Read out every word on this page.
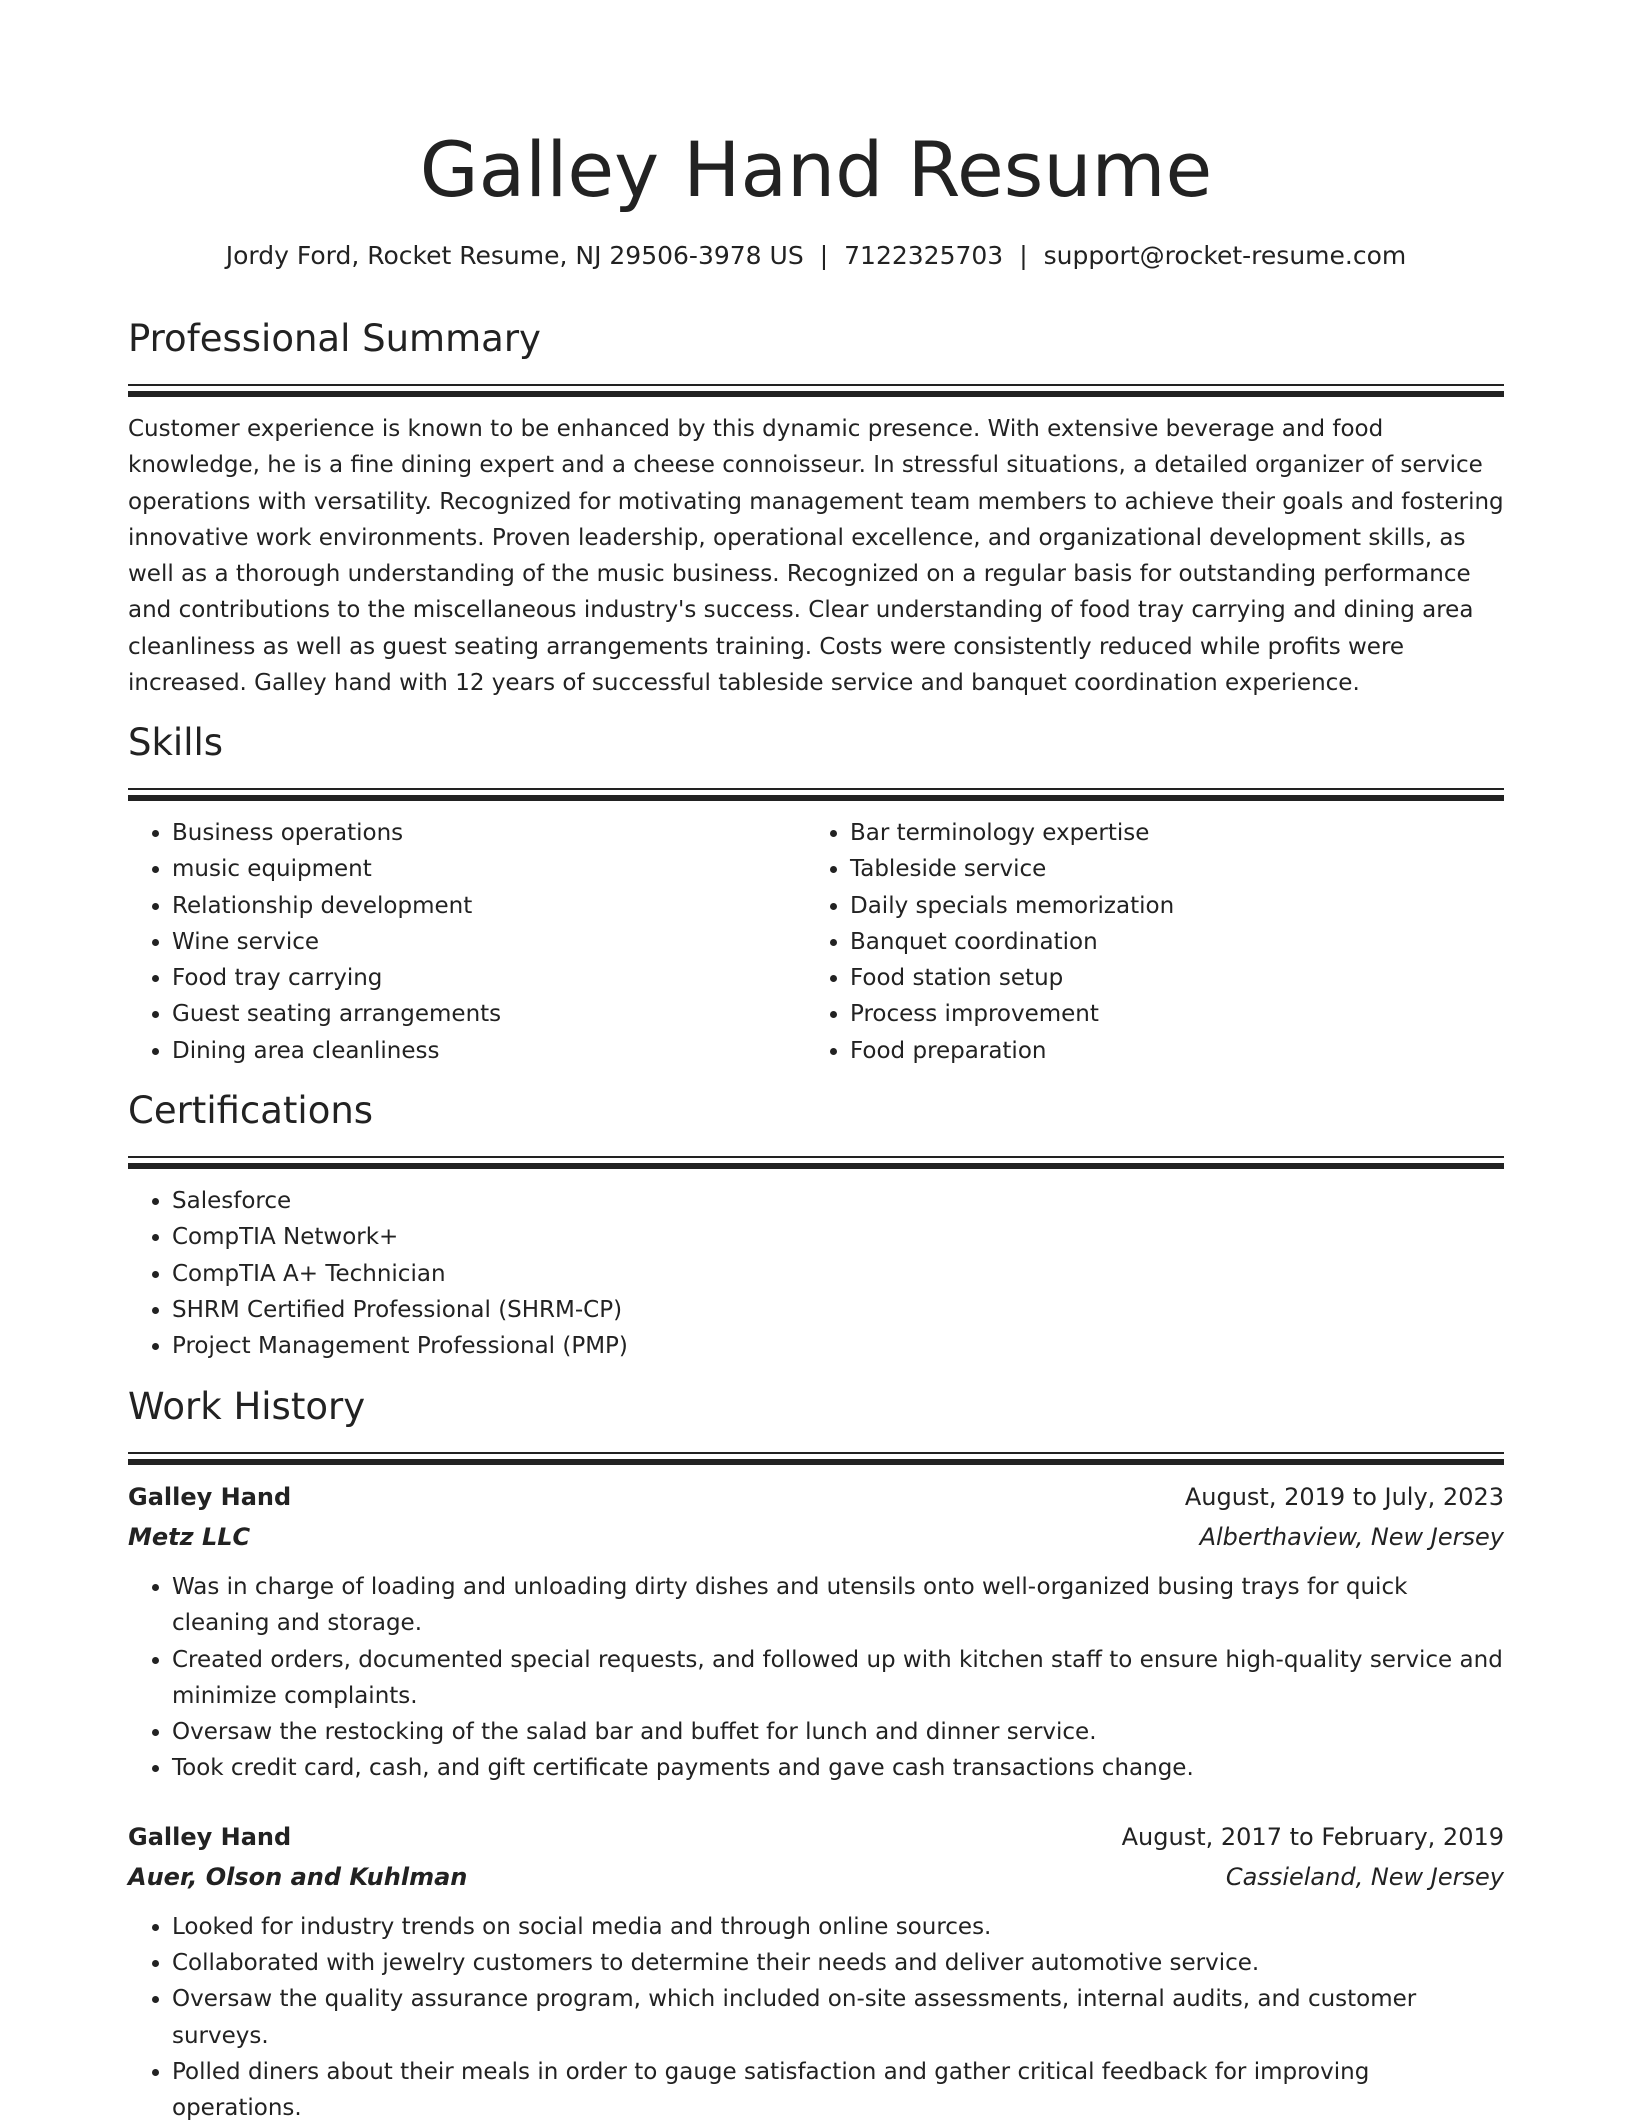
Galley Hand Resume
Jordy Ford, Rocket Resume, NJ 29506-3978 US | 7122325703 | support@rocket-resume.com
Professional Summary

Customer experience is known to be enhanced by this dynamic presence. With extensive beverage and food knowledge, he is a fine dining expert and a cheese connoisseur. In stressful situations, a detailed organizer of service operations with versatility. Recognized for motivating management team members to achieve their goals and fostering innovative work environments. Proven leadership, operational excellence, and organizational development skills, as well as a thorough understanding of the music business. Recognized on a regular basis for outstanding performance and contributions to the miscellaneous industry's success. Clear understanding of food tray carrying and dining area cleanliness as well as guest seating arrangements training. Costs were consistently reduced while profits were increased. Galley hand with 12 years of successful tableside service and banquet coordination experience.

Skills
• Business operations
• music equipment
• Relationship development
• Wine service
• Food tray carrying
• Guest seating arrangements
• Dining area cleanliness
• Bar terminology expertise
• Tableside service
• Daily specials memorization
• Banquet coordination
• Food station setup
• Process improvement
• Food preparation
Certifications
• Salesforce
• CompTIA Network+
• CompTIA A+ Technician
• SHRM Certified Professional (SHRM-CP)
• Project Management Professional (PMP)
Work History
Galley Hand	August, 2019 to July, 2023
Metz LLC	Alberthaview, New Jersey
• Was in charge of loading and unloading dirty dishes and utensils onto well-organized busing trays for quick cleaning and storage.
• Created orders, documented special requests, and followed up with kitchen staff to ensure high-quality service and minimize complaints.
• Oversaw the restocking of the salad bar and buffet for lunch and dinner service.
• Took credit card, cash, and gift certificate payments and gave cash transactions change.
Galley Hand	August, 2017 to February, 2019
Auer, Olson and Kuhlman	Cassieland, New Jersey
• Looked for industry trends on social media and through online sources.
• Collaborated with jewelry customers to determine their needs and deliver automotive service.
• Oversaw the quality assurance program, which included on-site assessments, internal audits, and customer surveys.
• Polled diners about their meals in order to gauge satisfaction and gather critical feedback for improving operations.
